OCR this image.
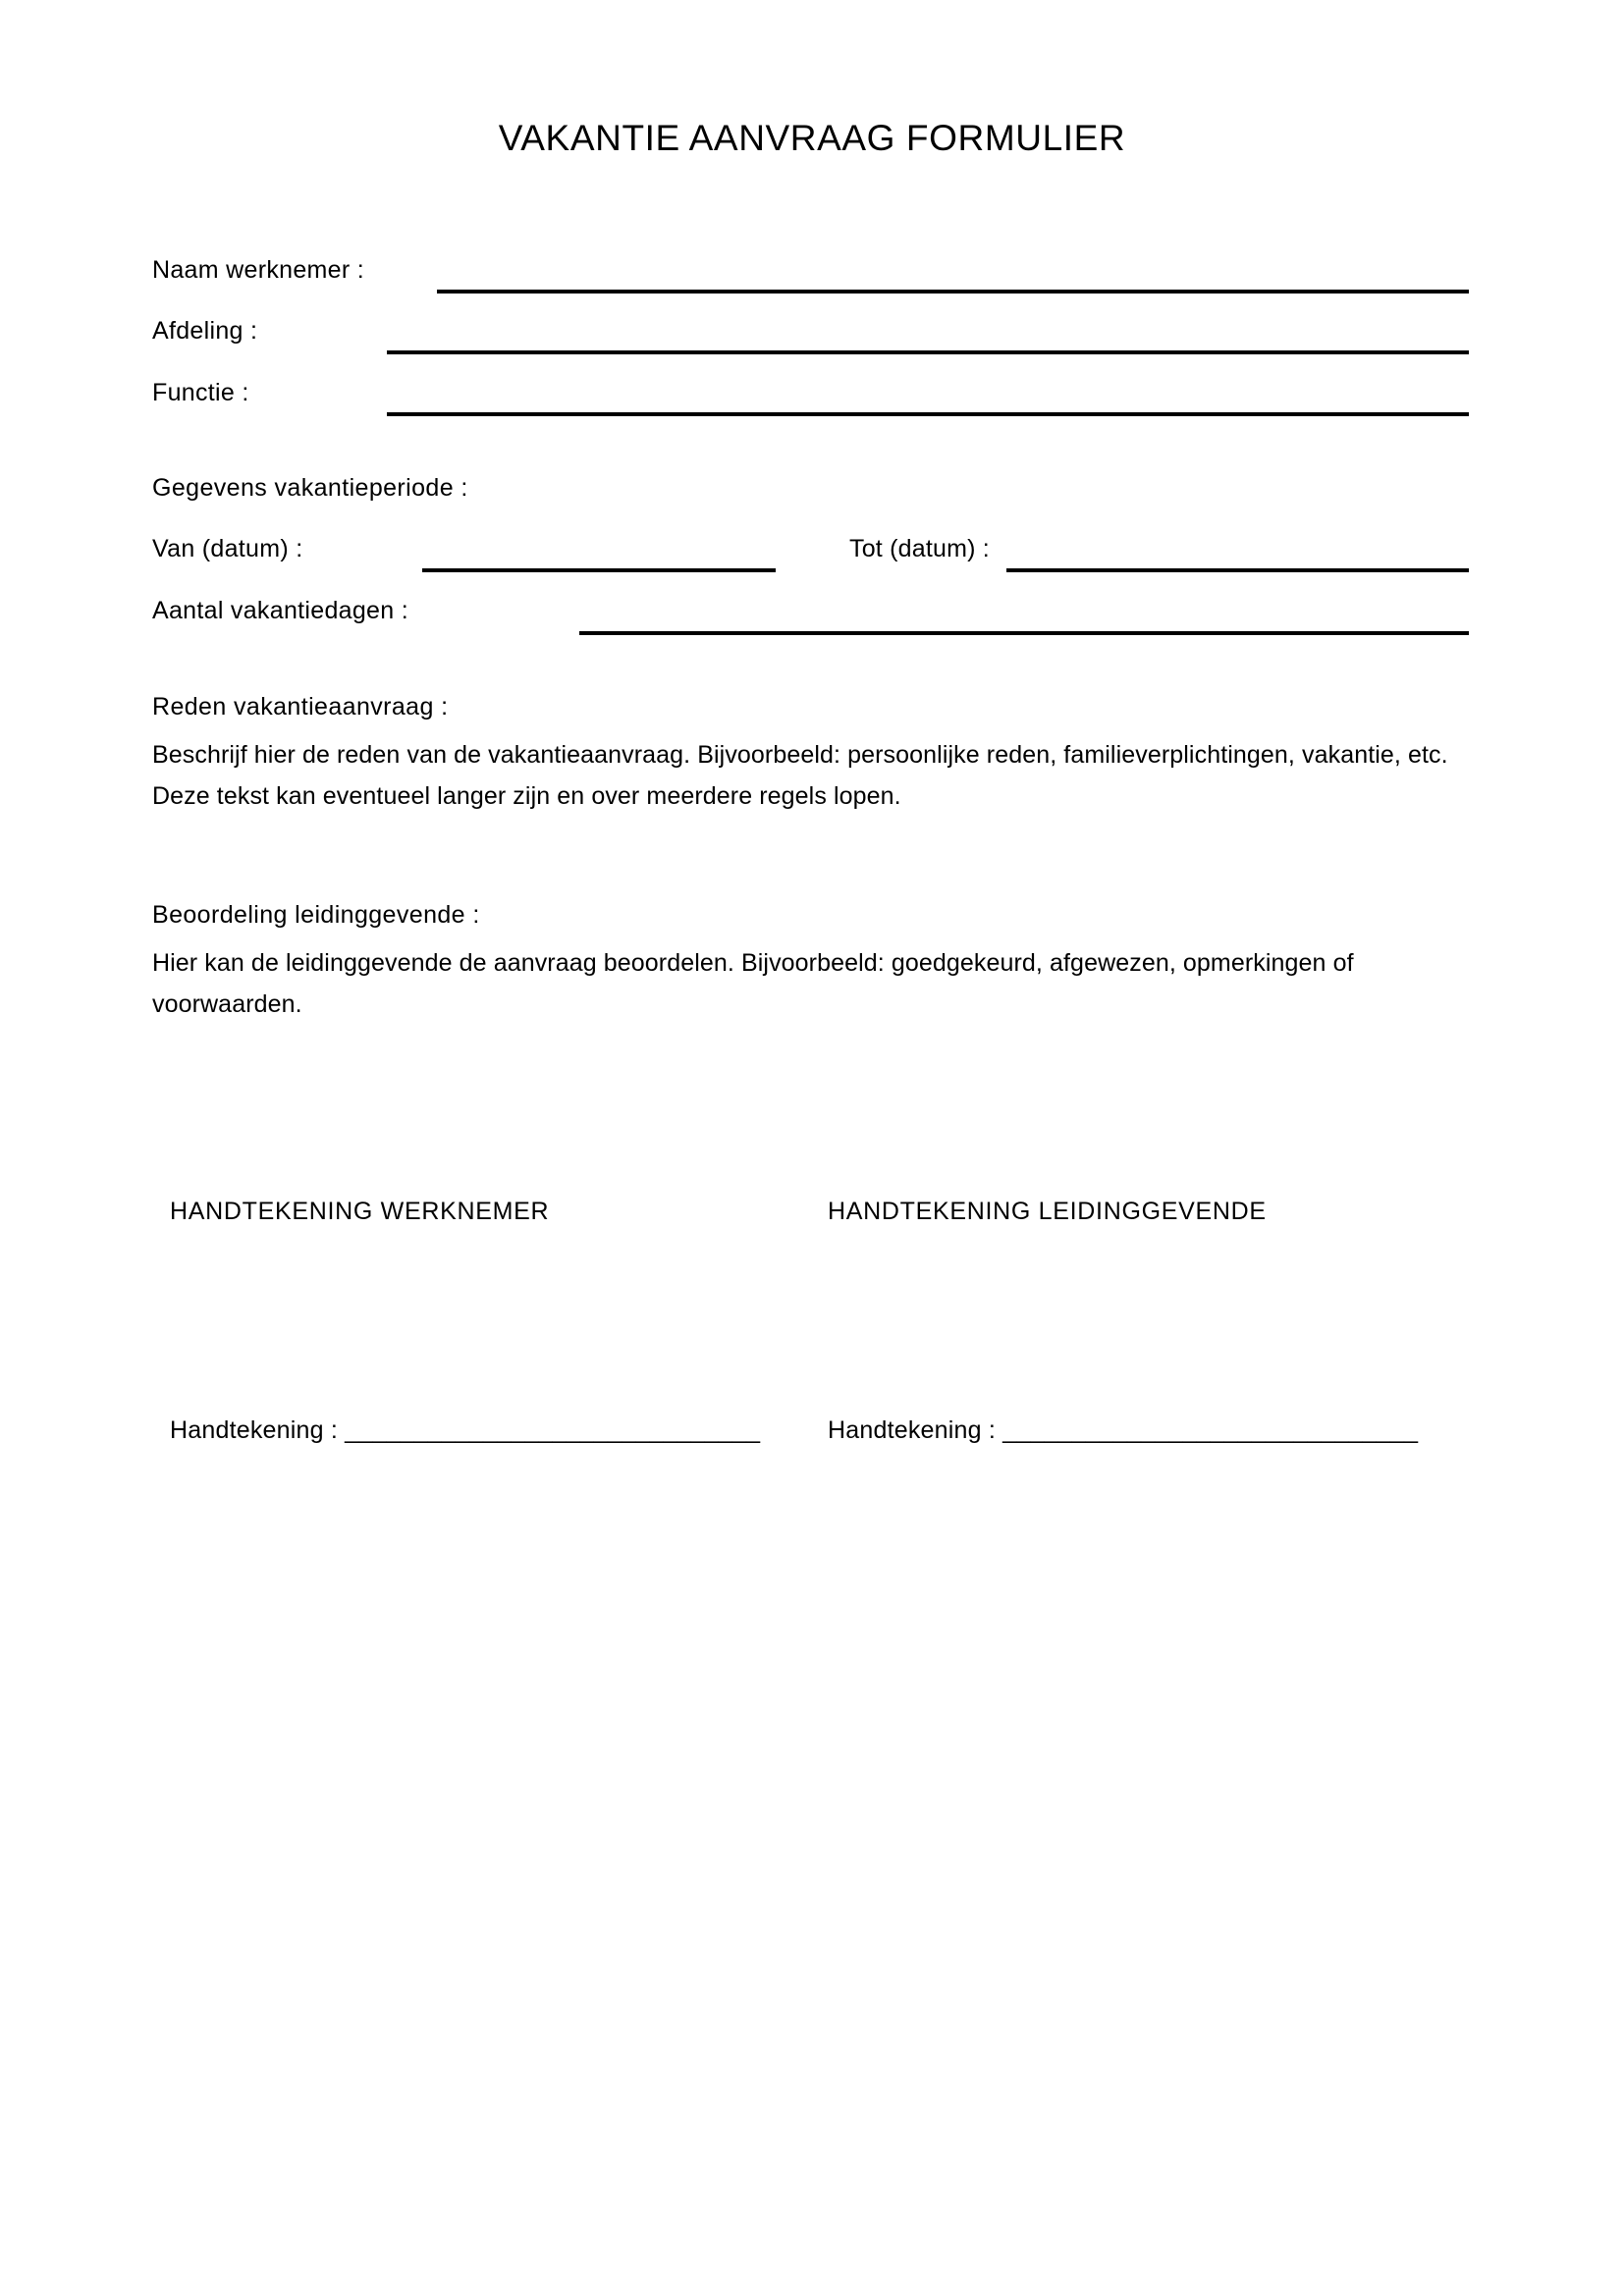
VAKANTIE AANVRAAG FORMULIER
Naam werknemer :
Afdeling :
Functie :
Gegevens vakantieperiode :
Van (datum) :	Tot (datum) :
Aantal vakantiedagen :
Reden vakantieaanvraag :
Beschrijf hier de reden van de vakantieaanvraag. Bijvoorbeeld: persoonlijke reden, familieverplichtingen, vakantie, etc. Deze tekst kan eventueel langer zijn en over meerdere regels lopen.
Beoordeling leidinggevende :
Hier kan de leidinggevende de aanvraag beoordelen. Bijvoorbeeld: goedgekeurd, afgewezen, opmerkingen of voorwaarden.
HANDTEKENING WERKNEMER	HANDTEKENING LEIDINGGEVENDE
Handtekening : ______________________________	Handtekening : ______________________________
